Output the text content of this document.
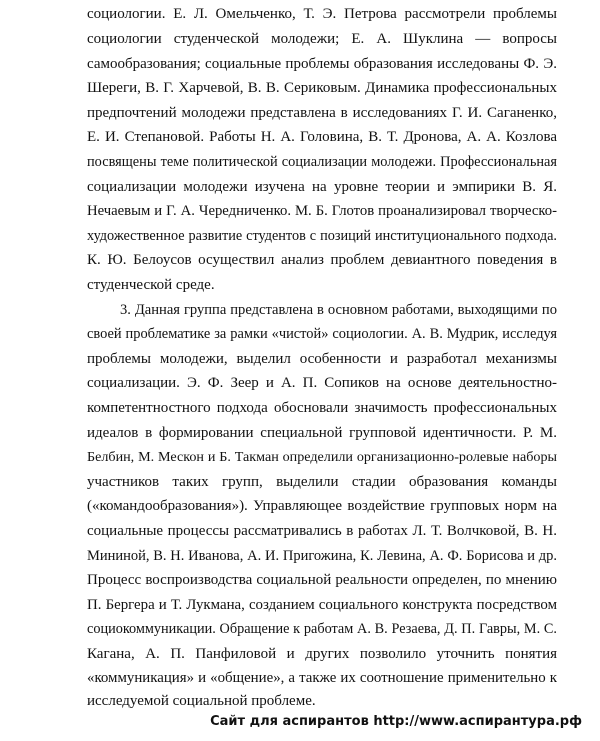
социологии. Е. Л. Омельченко, Т. Э. Петрова рассмотрели проблемы
социологии студенческой молодежи; Е. А. Шуклина — вопросы
самообразования; социальные проблемы образования исследованы Ф. Э.
Шереги, В. Г. Харчевой, В. В. Сериковым. Динамика профессиональных
предпочтений молодежи представлена в исследованиях Г. И. Саганенко,
Е. И. Степановой. Работы Н. А. Головина, В. Т. Дронова, А. А. Козлова
посвящены теме политической социализации молодежи. Профессиональная
социализации молодежи изучена на уровне теории и эмпирики В. Я.
Нечаевым и Г. А. Чередниченко. М. Б. Глотов проанализировал творческо-
художественное развитие студентов с позиций институционального подхода.
К. Ю. Белоусов осуществил анализ проблем девиантного поведения в
студенческой среде.
3. Данная группа представлена в основном работами, выходящими по
своей проблематике за рамки «чистой» социологии. А. В. Мудрик, исследуя
проблемы молодежи, выделил особенности и разработал механизмы
социализации. Э. Ф. Зеер и А. П. Сопиков на основе деятельностно-
компетентностного подхода обосновали значимость профессиональных
идеалов в формировании специальной групповой идентичности. Р. М.
Белбин, М. Мескон и Б. Такман определили организационно-ролевые наборы
участников таких групп, выделили стадии образования команды
(«командообразования»). Управляющее воздействие групповых норм на
социальные процессы рассматривались в работах Л. Т. Волчковой, В. Н.
Мининой, В. Н. Иванова, А. И. Пригожина, К. Левина, А. Ф. Борисова и др.
Процесс воспроизводства социальной реальности определен, по мнению
П. Бергера и Т. Лукмана, созданием социального конструкта посредством
социокоммуникации. Обращение к работам А. В. Резаева, Д. П. Гавры, М. С.
Кагана, А. П. Панфиловой и других позволило уточнить понятия
«коммуникация» и «общение», а также их соотношение применительно к
исследуемой социальной проблеме.
Сайт для аспирантов http://www.аспирантура.рф
